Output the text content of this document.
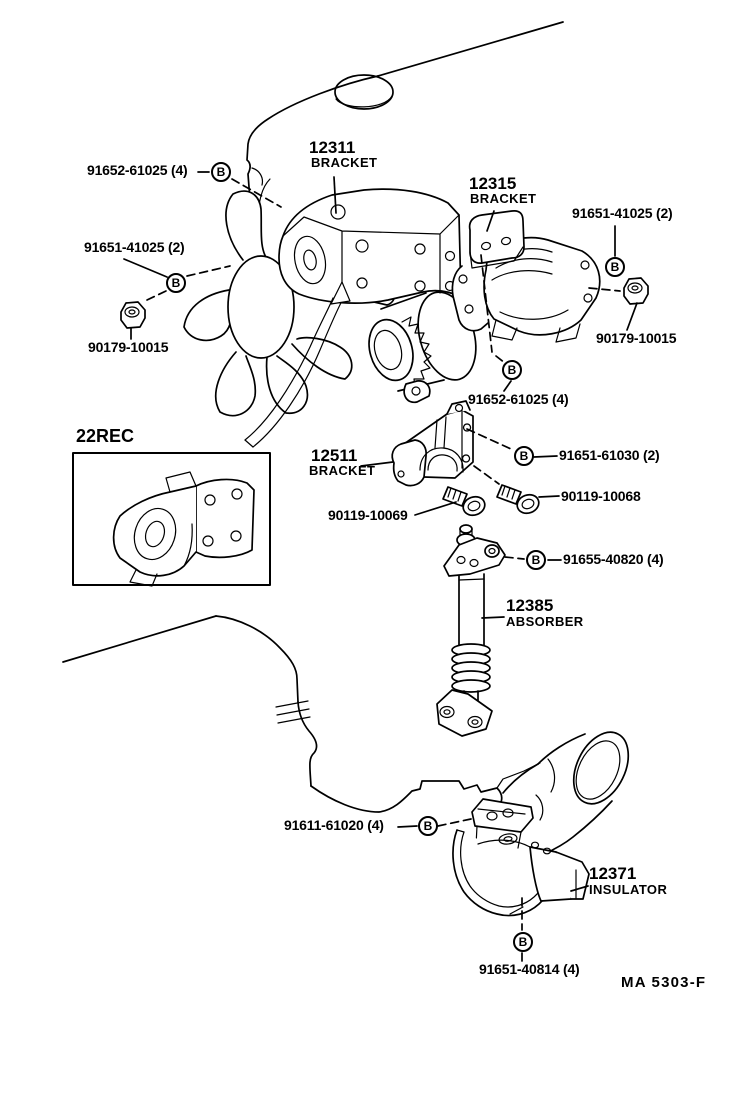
B
B
B
B
B
B
B
B
91652-61025 (4)
91651-41025 (2)
90179-10015
91651-41025 (2)
90179-10015
91652-61025 (4)
91651-61030 (2)
90119-10068
90119-10069
91655-40820 (4)
91611-61020 (4)
91651-40814 (4)
12311
BRACKET
12315
BRACKET
12511
BRACKET
12385
ABSORBER
12371
INSULATOR
22REC
MA 5303-F
